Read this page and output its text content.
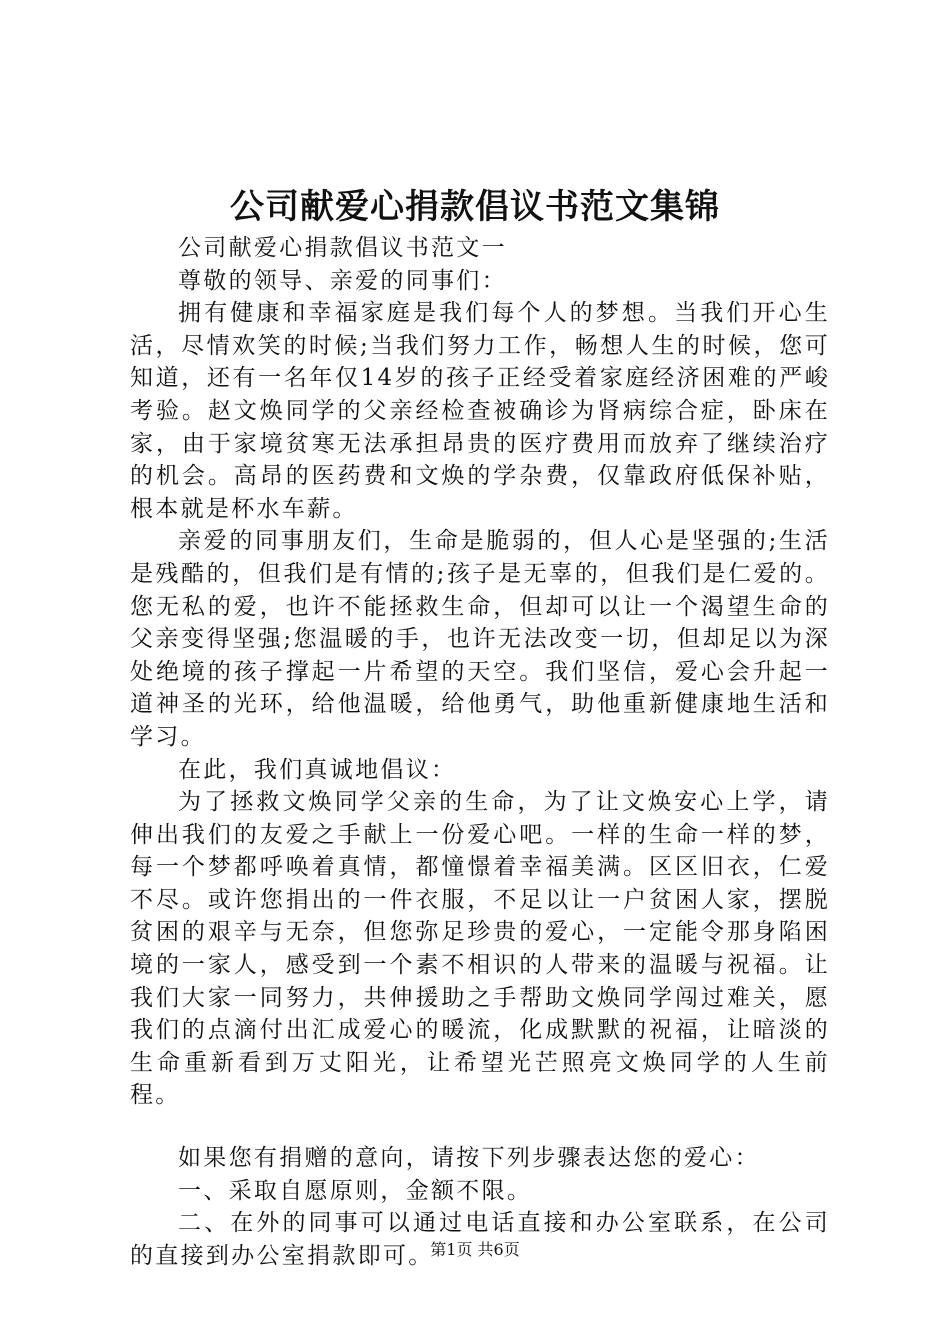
公司献爱心捐款倡议书范文集锦

公司献爱心捐款倡议书范文一

尊敬的领导、亲爱的同事们：

拥有健康和幸福家庭是我们每个人的梦想。当我们开心生活，尽情欢笑的时候;当我们努力工作，畅想人生的时候，您可知道，还有一名年仅14岁的孩子正经受着家庭经济困难的严峻考验。赵文焕同学的父亲经检查被确诊为肾病综合症，卧床在家，由于家境贫寒无法承担昂贵的医疗费用而放弃了继续治疗的机会。高昂的医药费和文焕的学杂费，仅靠政府低保补贴，根本就是杯水车薪。

亲爱的同事朋友们，生命是脆弱的，但人心是坚强的;生活是残酷的，但我们是有情的;孩子是无辜的，但我们是仁爱的。您无私的爱，也许不能拯救生命，但却可以让一个渴望生命的父亲变得坚强;您温暖的手，也许无法改变一切，但却足以为深处绝境的孩子撑起一片希望的天空。我们坚信，爱心会升起一道神圣的光环，给他温暖，给他勇气，助他重新健康地生活和学习。

在此，我们真诚地倡议：

为了拯救文焕同学父亲的生命，为了让文焕安心上学，请伸出我们的友爱之手献上一份爱心吧。一样的生命一样的梦，每一个梦都呼唤着真情，都憧憬着幸福美满。区区旧衣，仁爱不尽。或许您捐出的一件衣服，不足以让一户贫困人家，摆脱贫困的艰辛与无奈，但您弥足珍贵的爱心，一定能令那身陷困境的一家人，感受到一个素不相识的人带来的温暖与祝福。让我们大家一同努力，共伸援助之手帮助文焕同学闯过难关，愿我们的点滴付出汇成爱心的暖流，化成默默的祝福，让暗淡的生命重新看到万丈阳光，让希望光芒照亮文焕同学的人生前程。

如果您有捐赠的意向，请按下列步骤表达您的爱心：

一、采取自愿原则，金额不限。

二、在外的同事可以通过电话直接和办公室联系，在公司的直接到办公室捐款即可。

第1页 共6页
